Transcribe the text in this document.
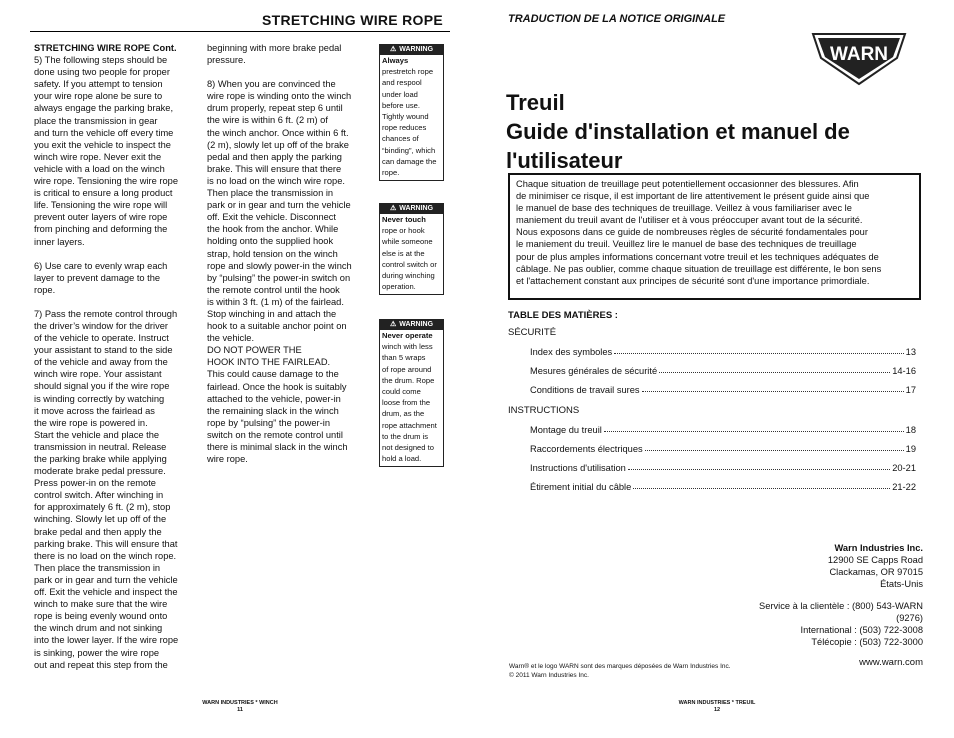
STRETCHING WIRE ROPE

STRETCHING WIRE ROPE Cont.

5) The following steps should be

done using two people for proper

safety. If you attempt to tension

your wire rope alone be sure to

always engage the parking brake,

place the transmission in gear

and turn the vehicle off every time

you exit the vehicle to inspect the

winch wire rope. Never exit the

vehicle with a load on the winch

wire rope. Tensioning the wire rope

is critical to ensure a long product

life. Tensioning the wire rope will

prevent outer layers of wire rope

from pinching and deforming the

inner layers.

6) Use care to evenly wrap each

layer to prevent damage to the

rope.

7) Pass the remote control through

the driver’s window for the driver

of the vehicle to operate. Instruct

your assistant to stand to the side

of the vehicle and away from the

winch wire rope. Your assistant

should signal you if the wire rope

is winding correctly by watching

it move across the fairlead as

the wire rope is powered in.

Start the vehicle and place the

transmission in neutral. Release

the parking brake while applying

moderate brake pedal pressure.

Press power-in on the remote

control switch. After winching in

for approximately 6 ft. (2 m), stop

winching. Slowly let up off of the

brake pedal and then apply the

parking brake. This will ensure that

there is no load on the winch rope.

Then place the transmission in

park or in gear and turn the vehicle

off. Exit the vehicle and inspect the

winch to make sure that the wire

rope is being evenly wound onto

the winch drum and not sinking

into the lower layer. If the wire rope

is sinking, power the wire rope

out and repeat this step from the

beginning with more brake pedal

pressure.

8) When you are convinced the

wire rope is winding onto the winch

drum properly, repeat step 6 until

the wire is within 6 ft. (2 m) of

the winch anchor. Once within 6 ft.

(2 m), slowly let up off of the brake

pedal and then apply the parking

brake. This will ensure that there

is no load on the winch wire rope.

Then place the transmission in

park or in gear and turn the vehicle

off. Exit the vehicle. Disconnect

the hook from the anchor. While

holding onto the supplied hook

strap, hold tension on the winch

rope and slowly power-in the winch

by “pulsing” the power-in switch on

the remote control until the hook

is within 3 ft. (1 m) of the fairlead.

Stop winching in and attach the

hook to a suitable anchor point on

the vehicle.

DO NOT POWER THE

HOOK INTO THE FAIRLEAD.

This could cause damage to the

fairlead. Once the hook is suitably

attached to the vehicle, power-in

the remaining slack in the winch

rope by “pulsing” the power-in

switch on the remote control until

there is minimal slack in the winch

wire rope.

⚠ WARNING
Always
prestretch rope
and respool
under load
before use.
Tightly wound
rope reduces
chances of
“binding”, which
can damage the
rope.
⚠ WARNING
Never touch
rope or hook
while someone
else is at the
control switch or
during winching
operation.
⚠ WARNING
Never operate
winch with less
than 5 wraps
of rope around
the drum. Rope
could come
loose from the
drum, as the
rope attachment
to the drum is
not designed to
hold a load.
WARN INDUSTRIES * WINCH
11
TRADUCTION DE LA NOTICE ORIGINALE
WARN
Treuil
Guide d'installation et manuel de
l'utilisateur
Chaque situation de treuillage peut potentiellement occasionner des blessures. Afin
de minimiser ce risque, il est important de lire attentivement le présent guide ainsi que
le manuel de base des techniques de treuillage. Veillez à vous familiariser avec le
maniement du treuil avant de l'utiliser et à vous préoccuper avant tout de la sécurité.
Nous exposons dans ce guide de nombreuses règles de sécurité fondamentales pour
le maniement du treuil. Veuillez lire le manuel de base des techniques de treuillage
pour de plus amples informations concernant votre treuil et les techniques adéquates de
câblage. Ne pas oublier, comme chaque situation de treuillage est différente, le bon sens
et l'attachement constant aux principes de sécurité sont d'une importance primordiale.
TABLE DES MATIÈRES :
SÉCURITÉ
Index des symboles	13
Mesures générales de sécurité	14-16
Conditions de travail sures	17
INSTRUCTIONS
Montage du treuil	18
Raccordements électriques	19
Instructions d'utilisation	20-21
Étirement initial du câble	21-22
Warn Industries Inc.
12900 SE Capps Road
Clackamas, OR 97015
États-Unis
Service à la clientèle : (800) 543-WARN
(9276)
International : (503) 722-3008
Télécopie : (503) 722-3000
Warn® et le logo WARN sont des marques déposées de Warn Industries Inc.
© 2011 Warn Industries Inc.
www.warn.com
WARN INDUSTRIES * TREUIL
12
